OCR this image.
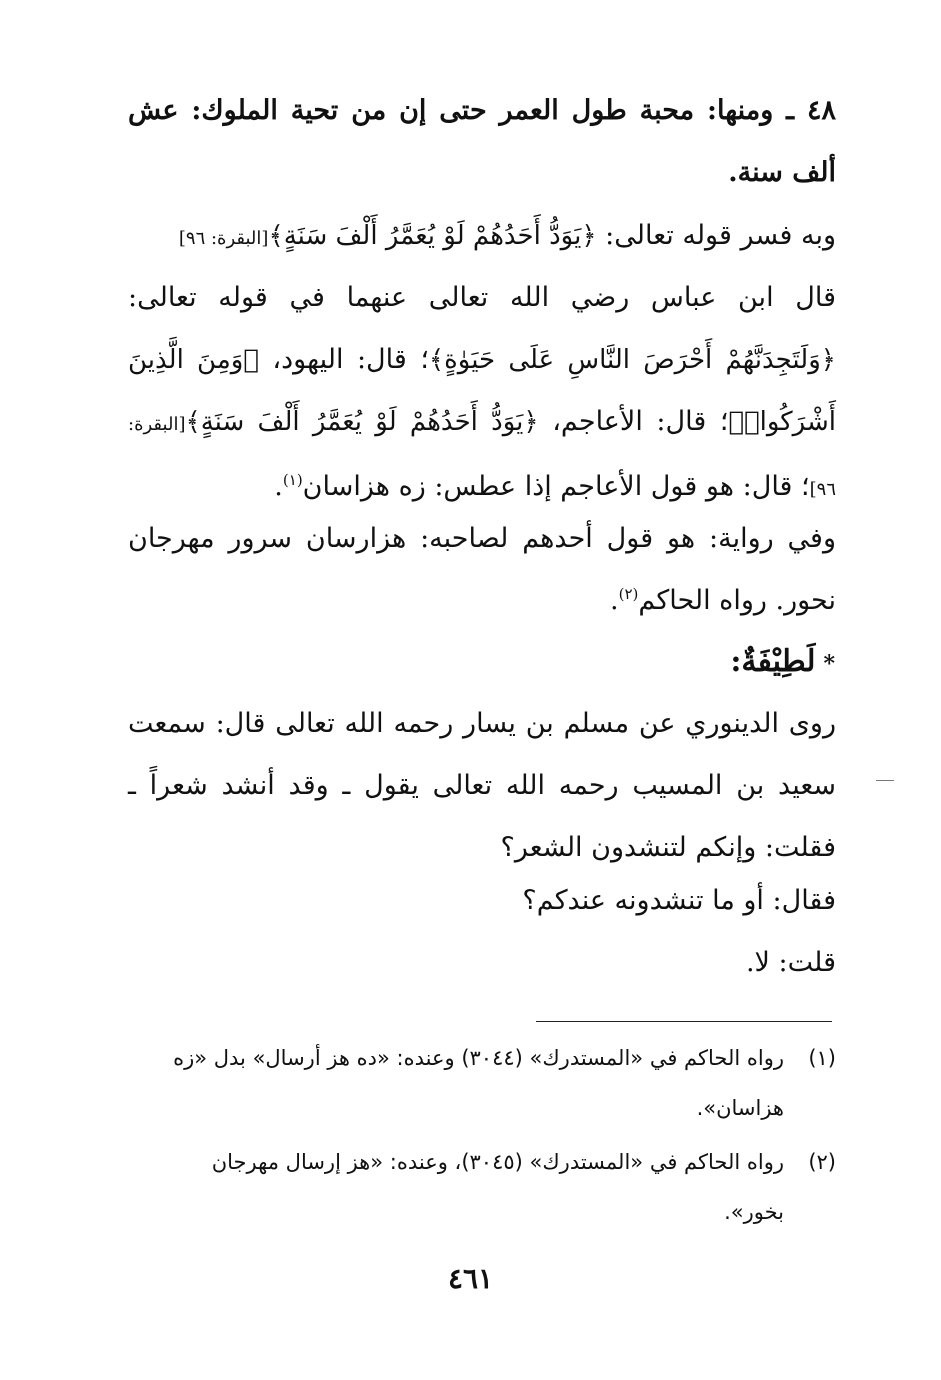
٤٨ ـ ومنها: محبة طول العمر حتى إن من تحية الملوك: عش ألف سنة.
وبه فسر قوله تعالى: ﴿يَوَدُّ أَحَدُهُمْ لَوْ يُعَمَّرُ أَلْفَ سَنَةٍ﴾[البقرة: ٩٦]
قال ابن عباس رضي الله تعالى عنهما في قوله تعالى: ﴿وَلَتَجِدَنَّهُمْ أَحْرَصَ النَّاسِ عَلَى حَيَوٰةٍ﴾؛ قال: اليهود، ﴿وَمِنَ الَّذِينَ أَشْرَكُوا۟﴾؛ قال: الأعاجم، ﴿يَوَدُّ أَحَدُهُمْ لَوْ يُعَمَّرُ أَلْفَ سَنَةٍ﴾[البقرة: ٩٦]؛ قال: هو قول الأعاجم إذا عطس: زه هزاسان$^{(١)}$.
وفي رواية: هو قول أحدهم لصاحبه: هزارسان سرور مهرجان نحور. رواه الحاكم$^{(٢)}$.
*لَطِيْفَةٌ:
روى الدينوري عن مسلم بن يسار رحمه الله تعالى قال: سمعت سعيد بن المسيب رحمه الله تعالى يقول ـ وقد أنشد شعراً ـ فقلت: وإنكم لتنشدون الشعر؟
فقال: أو ما تنشدونه عندكم؟
قلت: لا.
(١)رواه الحاكم في «المستدرك» (٣٠٤٤) وعنده: «ده هز أرسال» بدل «زه
هزاسان».
(٢)رواه الحاكم في «المستدرك» (٣٠٤٥)، وعنده: «هز إرسال مهرجان
بخور».
٤٦١
